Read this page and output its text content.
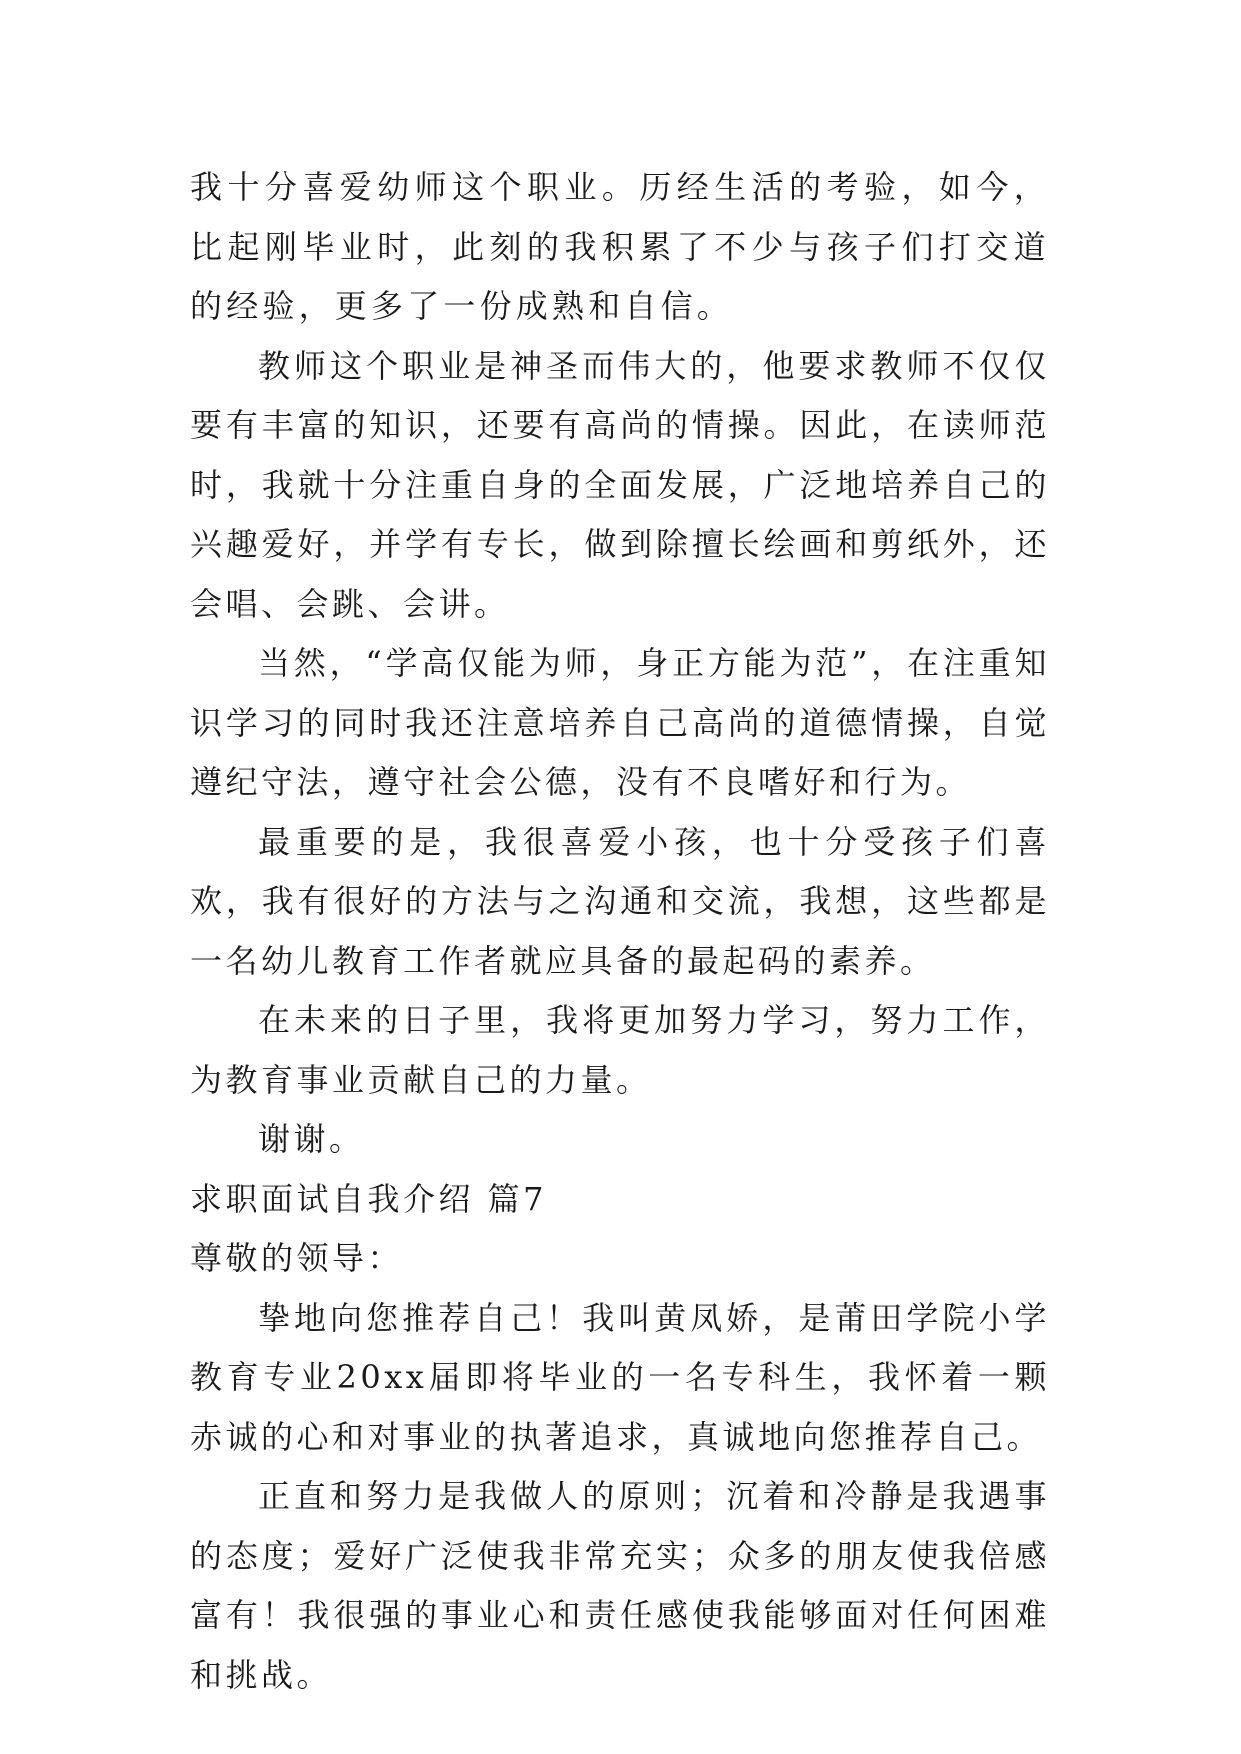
我十分喜爱幼师这个职业。历经生活的考验，如今，比起刚毕业时，此刻的我积累了不少与孩子们打交道的经验，更多了一份成熟和自信。

教师这个职业是神圣而伟大的，他要求教师不仅仅要有丰富的知识，还要有高尚的情操。因此，在读师范时，我就十分注重自身的全面发展，广泛地培养自己的兴趣爱好，并学有专长，做到除擅长绘画和剪纸外，还会唱、会跳、会讲。

当然，“学高仅能为师，身正方能为范”，在注重知识学习的同时我还注意培养自己高尚的道德情操，自觉遵纪守法，遵守社会公德，没有不良嗜好和行为。

最重要的是，我很喜爱小孩，也十分受孩子们喜欢，我有很好的方法与之沟通和交流，我想，这些都是一名幼儿教育工作者就应具备的最起码的素养。

在未来的日子里，我将更加努力学习，努力工作，为教育事业贡献自己的力量。

谢谢。

求职面试自我介绍 篇7

尊敬的领导：

挚地向您推荐自己！我叫黄凤娇，是莆田学院小学教育专业20xx届即将毕业的一名专科生，我怀着一颗赤诚的心和对事业的执著追求，真诚地向您推荐自己。

正直和努力是我做人的原则；沉着和冷静是我遇事的态度；爱好广泛使我非常充实；众多的朋友使我倍感富有！我很强的事业心和责任感使我能够面对任何困难和挑战。
